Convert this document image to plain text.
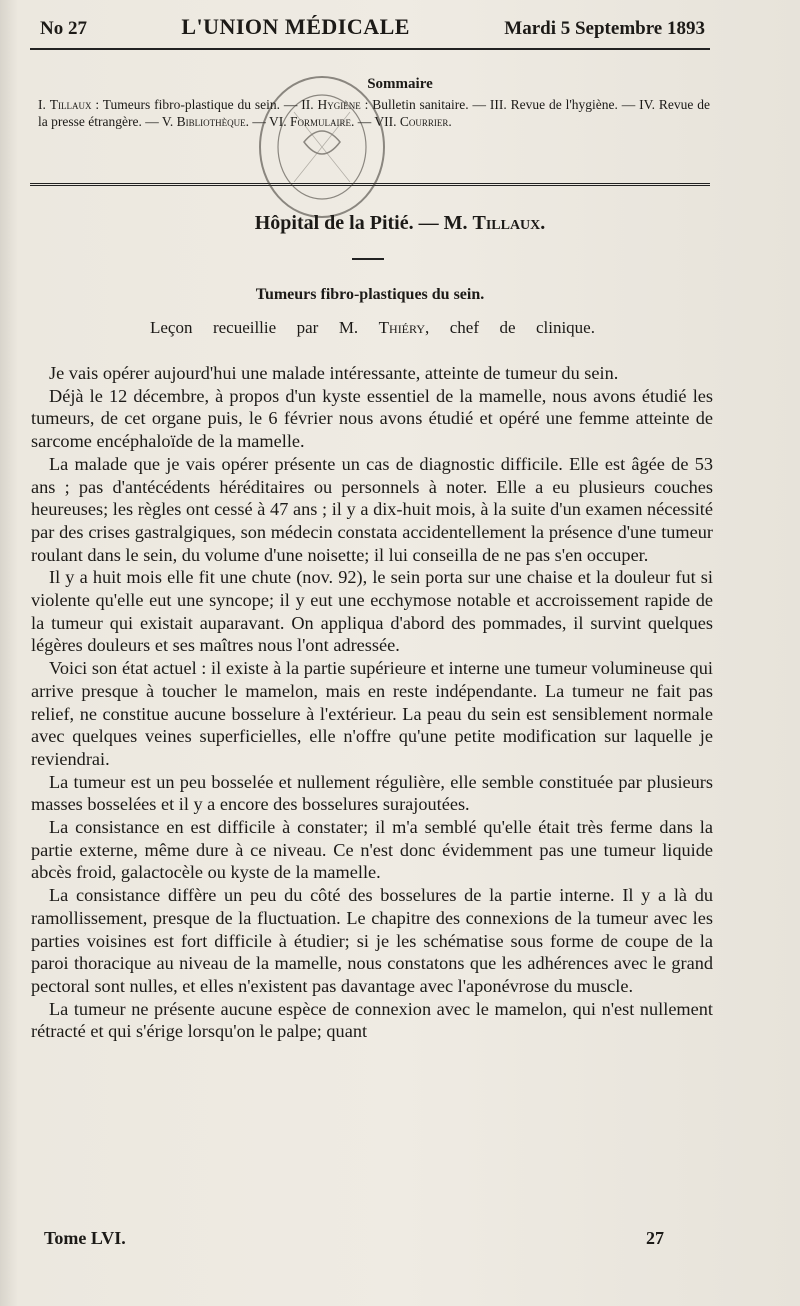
No 27	L'UNION MÉDICALE	Mardi 5 Septembre 1893
Sommaire
I. Tillaux : Tumeurs fibro-plastique du sein. — II. Hygiène : Bulletin sanitaire. — III. Revue de l'hygiène. — IV. Revue de la presse étrangère. — V. Bibliothèque. — VI. Formulaire. — VII. Courrier.
Hôpital de la Pitié. — M. Tillaux.
Tumeurs fibro-plastiques du sein.
Leçon recueillie par M. Thiéry, chef de clinique.

Je vais opérer aujourd'hui une malade intéressante, atteinte de tumeur du sein.

Déjà le 12 décembre, à propos d'un kyste essentiel de la mamelle, nous avons étudié les tumeurs, de cet organe puis, le 6 février nous avons étudié et opéré une femme atteinte de sarcome encéphaloïde de la mamelle.

La malade que je vais opérer présente un cas de diagnostic difficile. Elle est âgée de 53 ans ; pas d'antécédents héréditaires ou personnels à noter. Elle a eu plusieurs couches heureuses; les règles ont cessé à 47 ans ; il y a dix-huit mois, à la suite d'un examen nécessité par des crises gastralgiques, son médecin constata accidentellement la présence d'une tumeur roulant dans le sein, du volume d'une noisette; il lui conseilla de ne pas s'en occuper.

Il y a huit mois elle fit une chute (nov. 92), le sein porta sur une chaise et la douleur fut si violente qu'elle eut une syncope; il y eut une ecchymose notable et accroissement rapide de la tumeur qui existait auparavant. On appliqua d'abord des pommades, il survint quelques légères douleurs et ses maîtres nous l'ont adressée.

Voici son état actuel : il existe à la partie supérieure et interne une tumeur volumineuse qui arrive presque à toucher le mamelon, mais en reste indépendante. La tumeur ne fait pas relief, ne constitue aucune bosselure à l'extérieur. La peau du sein est sensiblement normale avec quelques veines superficielles, elle n'offre qu'une petite modification sur laquelle je reviendrai.

La tumeur est un peu bosselée et nullement régulière, elle semble constituée par plusieurs masses bosselées et il y a encore des bosselures surajoutées.

La consistance en est difficile à constater; il m'a semblé qu'elle était très ferme dans la partie externe, même dure à ce niveau. Ce n'est donc évidemment pas une tumeur liquide abcès froid, galactocèle ou kyste de la mamelle.

La consistance diffère un peu du côté des bosselures de la partie interne. Il y a là du ramollissement, presque de la fluctuation. Le chapitre des connexions de la tumeur avec les parties voisines est fort difficile à étudier; si je les schématise sous forme de coupe de la paroi thoracique au niveau de la mamelle, nous constatons que les adhérences avec le grand pectoral sont nulles, et elles n'existent pas davantage avec l'aponévrose du muscle.

La tumeur ne présente aucune espèce de connexion avec le mamelon, qui n'est nullement rétracté et qui s'érige lorsqu'on le palpe; quant

Tome LVI.	27
